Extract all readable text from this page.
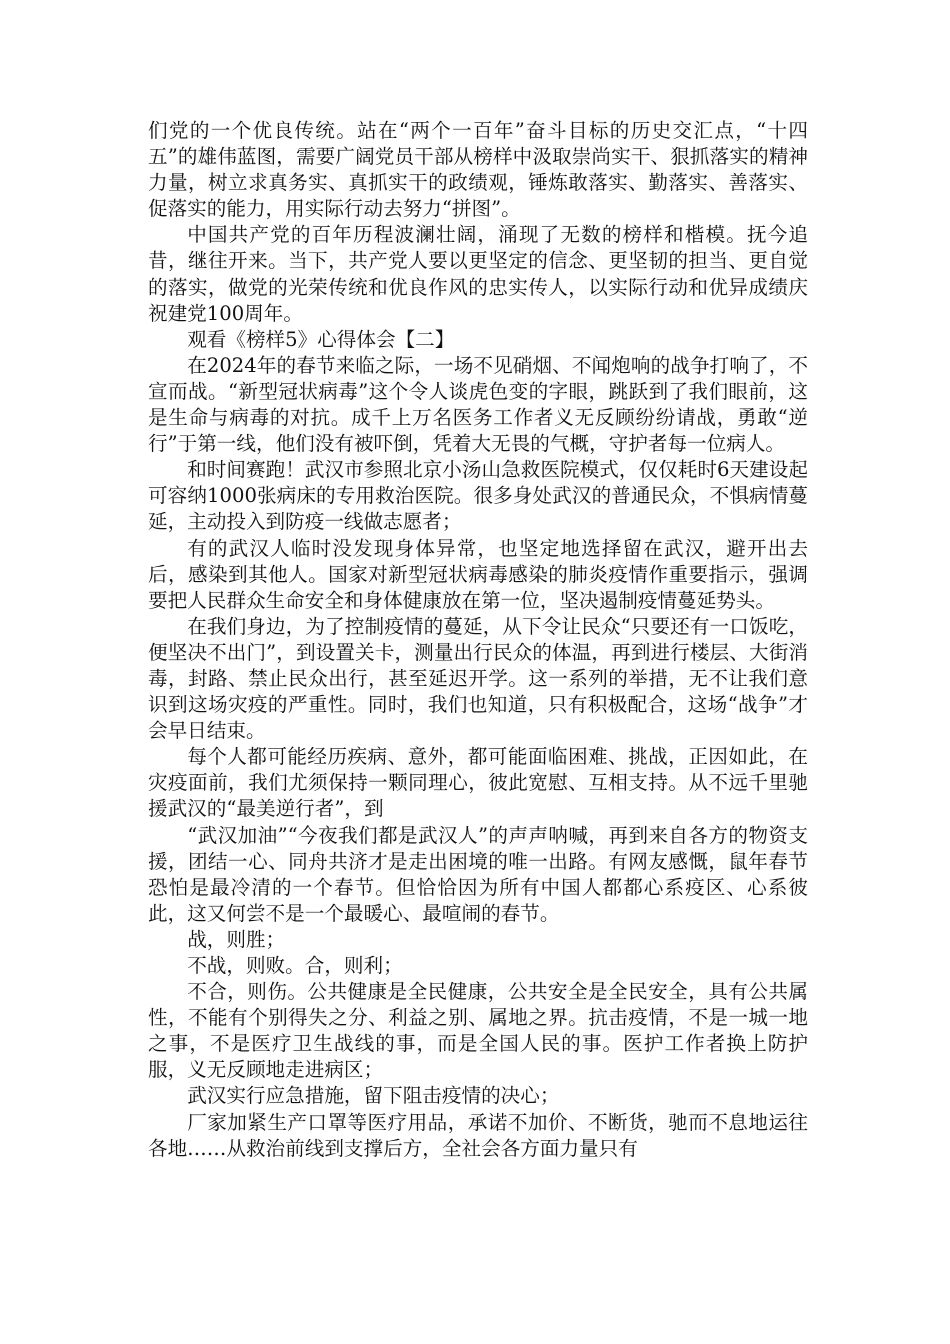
们党的一个优良传统。站在“两个一百年”奋斗目标的历史交汇点，“十四五”的雄伟蓝图，需要广阔党员干部从榜样中汲取崇尚实干、狠抓落实的精神力量，树立求真务实、真抓实干的政绩观，锤炼敢落实、勤落实、善落实、促落实的能力，用实际行动去努力“拼图”。

中国共产党的百年历程波澜壮阔，涌现了无数的榜样和楷模。抚今追昔，继往开来。当下，共产党人要以更坚定的信念、更坚韧的担当、更自觉的落实，做党的光荣传统和优良作风的忠实传人，以实际行动和优异成绩庆祝建党100周年。

观看《榜样5》心得体会【二】

在2024年的春节来临之际，一场不见硝烟、不闻炮响的战争打响了，不宣而战。“新型冠状病毒”这个令人谈虎色变的字眼，跳跃到了我们眼前，这是生命与病毒的对抗。成千上万名医务工作者义无反顾纷纷请战，勇敢“逆行”于第一线，他们没有被吓倒，凭着大无畏的气概，守护者每一位病人。

和时间赛跑！武汉市参照北京小汤山急救医院模式，仅仅耗时6天建设起可容纳1000张病床的专用救治医院。很多身处武汉的普通民众，不惧病情蔓延，主动投入到防疫一线做志愿者；

有的武汉人临时没发现身体异常，也坚定地选择留在武汉，避开出去后，感染到其他人。国家对新型冠状病毒感染的肺炎疫情作重要指示，强调要把人民群众生命安全和身体健康放在第一位，坚决遏制疫情蔓延势头。

在我们身边，为了控制疫情的蔓延，从下令让民众“只要还有一口饭吃，便坚决不出门”，到设置关卡，测量出行民众的体温，再到进行楼层、大街消毒，封路、禁止民众出行，甚至延迟开学。这一系列的举措，无不让我们意识到这场灾疫的严重性。同时，我们也知道，只有积极配合，这场“战争”才会早日结束。

每个人都可能经历疾病、意外，都可能面临困难、挑战，正因如此，在灾疫面前，我们尤须保持一颗同理心，彼此宽慰、互相支持。从不远千里驰援武汉的“最美逆行者”，到

“武汉加油”“今夜我们都是武汉人”的声声呐喊，再到来自各方的物资支援，团结一心、同舟共济才是走出困境的唯一出路。有网友感慨，鼠年春节恐怕是最冷清的一个春节。但恰恰因为所有中国人都都心系疫区、心系彼此，这又何尝不是一个最暖心、最喧闹的春节。

战，则胜；

不战，则败。合，则利；

不合，则伤。公共健康是全民健康，公共安全是全民安全，具有公共属性，不能有个别得失之分、利益之别、属地之界。抗击疫情，不是一城一地之事，不是医疗卫生战线的事，而是全国人民的事。医护工作者换上防护服，义无反顾地走进病区；

武汉实行应急措施，留下阻击疫情的决心；

厂家加紧生产口罩等医疗用品，承诺不加价、不断货，驰而不息地运往各地……从救治前线到支撑后方，全社会各方面力量只有
